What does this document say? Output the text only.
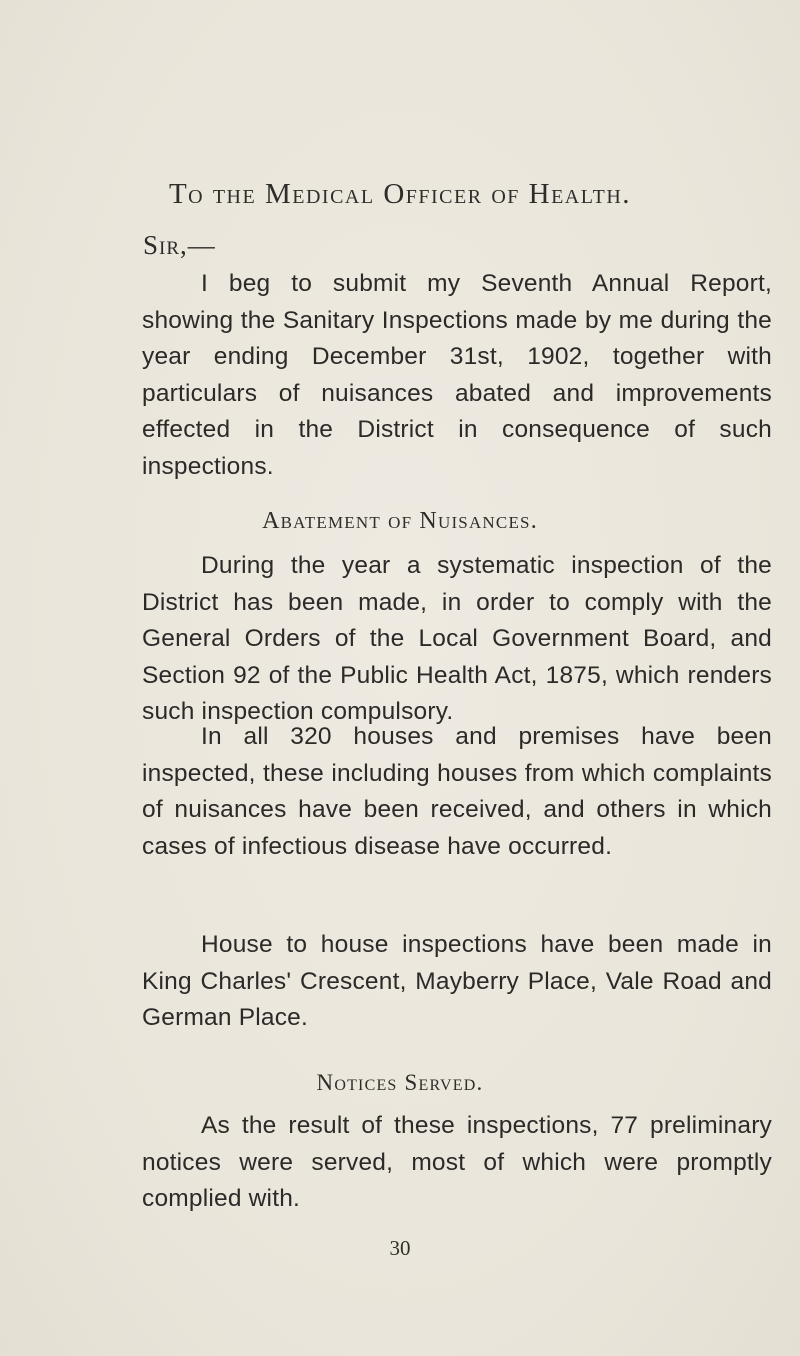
To the Medical Officer of Health.
Sir,—

I beg to submit my Seventh Annual Report, showing the Sanitary Inspections made by me during the year ending December 31st, 1902, together with particulars of nuisances abated and improvements effected in the District in consequence of such inspections.

Abatement of Nuisances.

During the year a systematic inspection of the District has been made, in order to comply with the General Orders of the Local Government Board, and Section 92 of the Public Health Act, 1875, which renders such inspection compulsory.

In all 320 houses and premises have been inspected, these including houses from which complaints of nuisances have been received, and others in which cases of infectious disease have occurred.

House to house inspections have been made in King Charles' Crescent, Mayberry Place, Vale Road and German Place.

Notices Served.

As the result of these inspections, 77 preliminary notices were served, most of which were promptly complied with.

30
